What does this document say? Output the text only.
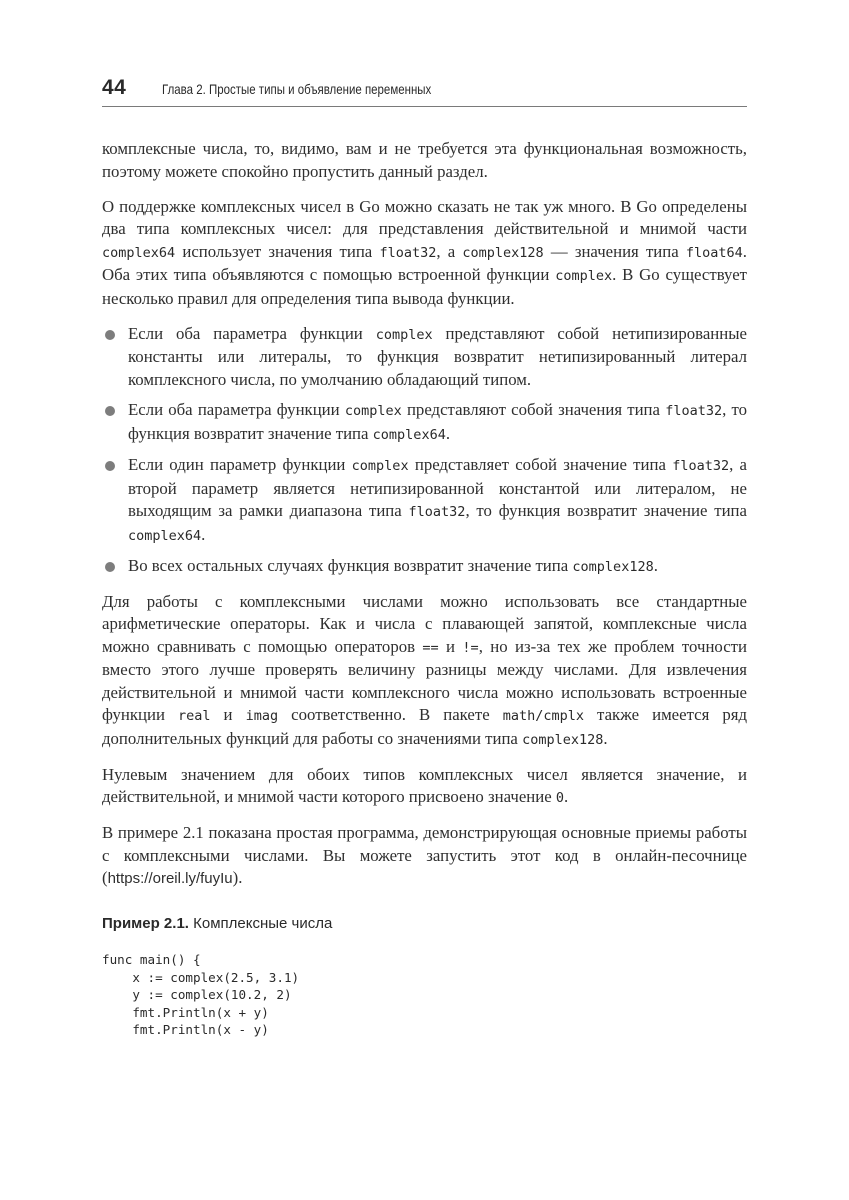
44	Глава 2. Простые типы и объявление переменных

комплексные числа, то, видимо, вам и не требуется эта функциональная возможность, поэтому можете спокойно пропустить данный раздел.

О поддержке комплексных чисел в Go можно сказать не так уж много. В Go определены два типа комплексных чисел: для представления действительной и мнимой части complex64 использует значения типа float32, а complex128 — значения типа float64. Оба этих типа объявляются с помощью встроенной функции complex. В Go существует несколько правил для определения типа вывода функции.

Если оба параметра функции complex представляют собой нетипизированные константы или литералы, то функция возвратит нетипизированный литерал комплексного числа, по умолчанию обладающий типом.
Если оба параметра функции complex представляют собой значения типа float32, то функция возвратит значение типа complex64.
Если один параметр функции complex представляет собой значение типа float32, а второй параметр является нетипизированной константой или литералом, не выходящим за рамки диапазона типа float32, то функция возвратит значение типа complex64.
Во всех остальных случаях функция возвратит значение типа complex128.

Для работы с комплексными числами можно использовать все стандартные арифметические операторы. Как и числа с плавающей запятой, комплексные числа можно сравнивать с помощью операторов == и !=, но из-за тех же проблем точности вместо этого лучше проверять величину разницы между числами. Для извлечения действительной и мнимой части комплексного числа можно использовать встроенные функции real и imag соответственно. В пакете math/cmplx также имеется ряд дополнительных функций для работы со значениями типа complex128.

Нулевым значением для обоих типов комплексных чисел является значение, и действительной, и мнимой части которого присвоено значение 0.

В примере 2.1 показана простая программа, демонстрирующая основные приемы работы с комплексными числами. Вы можете запустить этот код в онлайн-песочнице (https://oreil.ly/fuyIu).

Пример 2.1. Комплексные числа
func main() {
x := complex(2.5, 3.1)
y := complex(10.2, 2)
fmt.Println(x + y)
fmt.Println(x - y)
